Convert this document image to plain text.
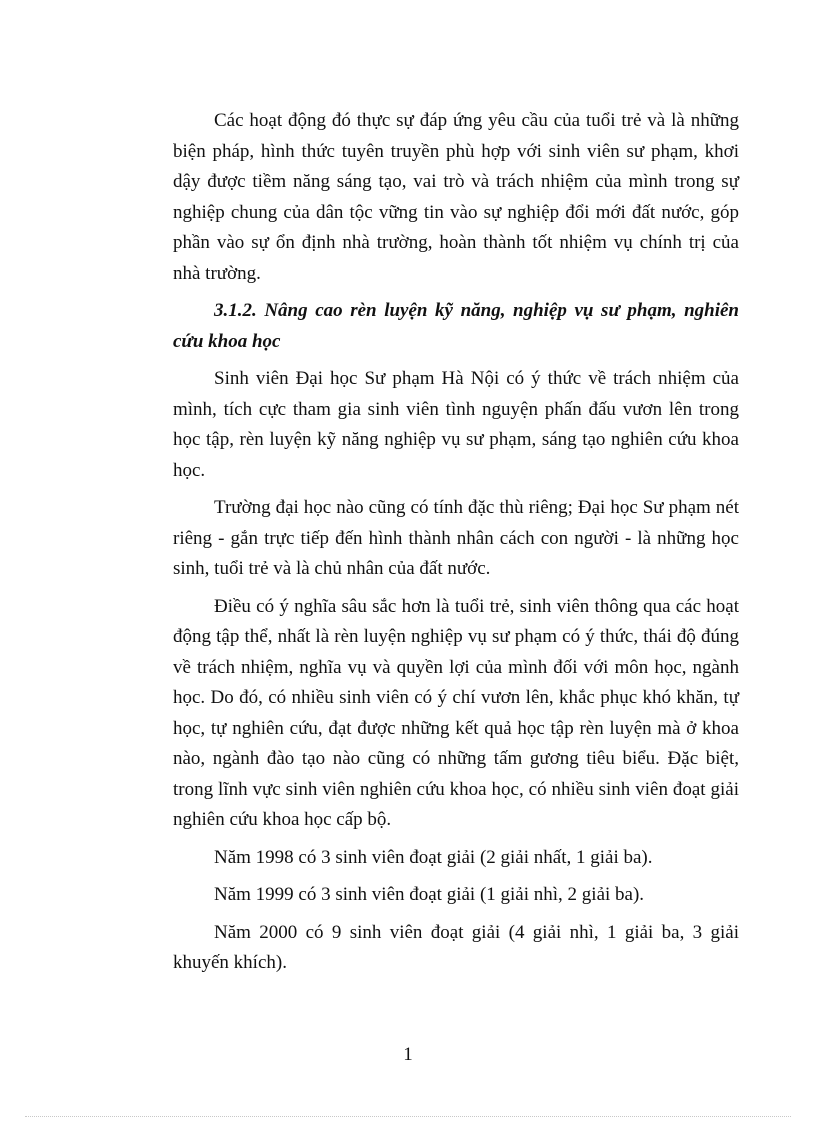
Các hoạt động đó thực sự đáp ứng yêu cầu của tuổi trẻ và là những biện pháp, hình thức tuyên truyền phù hợp với sinh viên sư phạm, khơi dậy được tiềm năng sáng tạo, vai trò và trách nhiệm của mình trong sự nghiệp chung của dân tộc vững tin vào sự nghiệp đổi mới đất nước, góp phần vào sự ổn định nhà trường, hoàn thành tốt nhiệm vụ chính trị của nhà trường.

3.1.2. Nâng cao rèn luyện kỹ năng, nghiệp vụ sư phạm, nghiên cứu khoa học

Sinh viên Đại học Sư phạm Hà Nội có ý thức về trách nhiệm của mình, tích cực tham gia sinh viên tình nguyện phấn đấu vươn lên trong học tập, rèn luyện kỹ năng nghiệp vụ sư phạm, sáng tạo nghiên cứu khoa học.

Trường đại học nào cũng có tính đặc thù riêng; Đại học Sư phạm nét riêng - gắn trực tiếp đến hình thành nhân cách con người - là những học sinh, tuổi trẻ và là chủ nhân của đất nước.

Điều có ý nghĩa sâu sắc hơn là tuổi trẻ, sinh viên thông qua các hoạt động tập thể, nhất là rèn luyện nghiệp vụ sư phạm có ý thức, thái độ đúng về trách nhiệm, nghĩa vụ và quyền lợi của mình đối với môn học, ngành học. Do đó, có nhiều sinh viên có ý chí vươn lên, khắc phục khó khăn, tự học, tự nghiên cứu, đạt được những kết quả học tập rèn luyện mà ở khoa nào, ngành đào tạo nào cũng có những tấm gương tiêu biểu. Đặc biệt, trong lĩnh vực sinh viên nghiên cứu khoa học, có nhiều sinh viên đoạt giải nghiên cứu khoa học cấp bộ.

Năm 1998 có 3 sinh viên đoạt giải (2 giải nhất, 1 giải ba).

Năm 1999 có 3 sinh viên đoạt giải (1 giải nhì, 2 giải ba).

Năm 2000 có 9 sinh viên đoạt giải (4 giải nhì, 1 giải ba, 3 giải khuyến khích).

1
